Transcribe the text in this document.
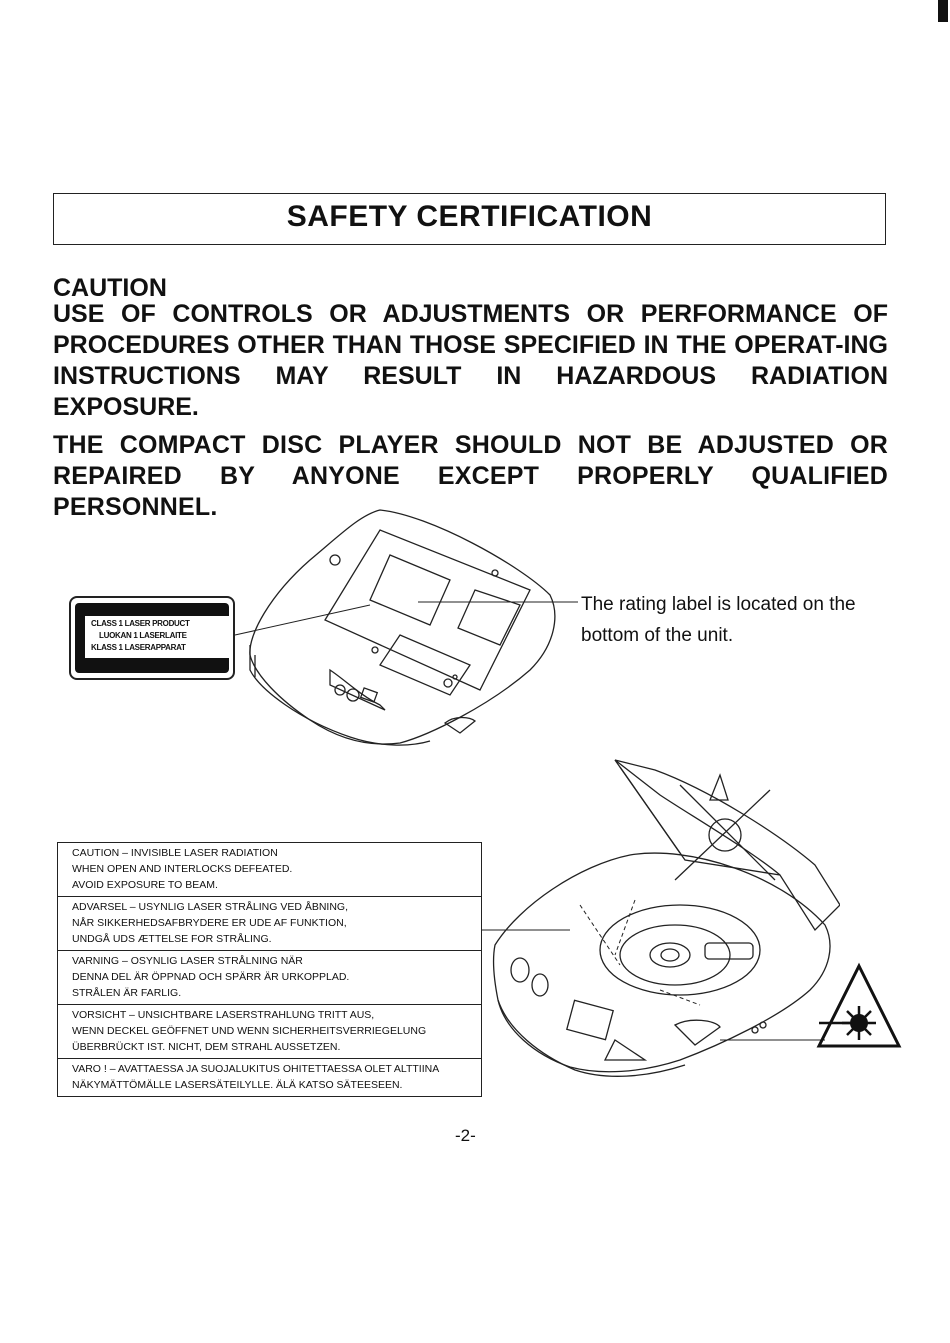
SAFETY CERTIFICATION
CAUTION
USE OF CONTROLS OR ADJUSTMENTS OR PERFORMANCE OF PROCEDURES OTHER THAN THOSE SPECIFIED IN THE OPERAT-ING INSTRUCTIONS MAY RESULT IN HAZARDOUS RADIATION EXPOSURE.
THE COMPACT DISC PLAYER SHOULD NOT BE ADJUSTED OR REPAIRED BY ANYONE EXCEPT PROPERLY QUALIFIED PERSONNEL.
CLASS 1 LASER PRODUCT
LUOKAN 1 LASERLAITE
KLASS 1 LASERAPPARAT
The rating label is located on the bottom of the unit.
CAUTION – INVISIBLE LASER RADIATION
WHEN OPEN AND INTERLOCKS DEFEATED.
AVOID EXPOSURE TO BEAM.

ADVARSEL – USYNLIG LASER STRÅLING VED ÅBNING,
NÅR SIKKERHEDSAFBRYDERE ER UDE AF FUNKTION,
UNDGÅ UDS ÆTTELSE FOR STRÅLING.

VARNING – OSYNLIG LASER STRÅLNING NÄR
DENNA DEL ÄR ÖPPNAD OCH SPÄRR ÄR URKOPPLAD.
STRÅLEN ÄR FARLIG.

VORSICHT – UNSICHTBARE LASERSTRAHLUNG TRITT AUS,
WENN DECKEL GEÖFFNET UND WENN SICHERHEITSVERRIEGELUNG
ÜBERBRÜCKT IST. NICHT, DEM STRAHL AUSSETZEN.

VARO ! – AVATTAESSA JA SUOJALUKITUS OHITETTAESSA OLET ALTTIINA
NÄKYMÄTTÖMÄLLE LASERSÄTEILYLLE. ÄLÄ KATSO SÄTEESEEN.
-2-
